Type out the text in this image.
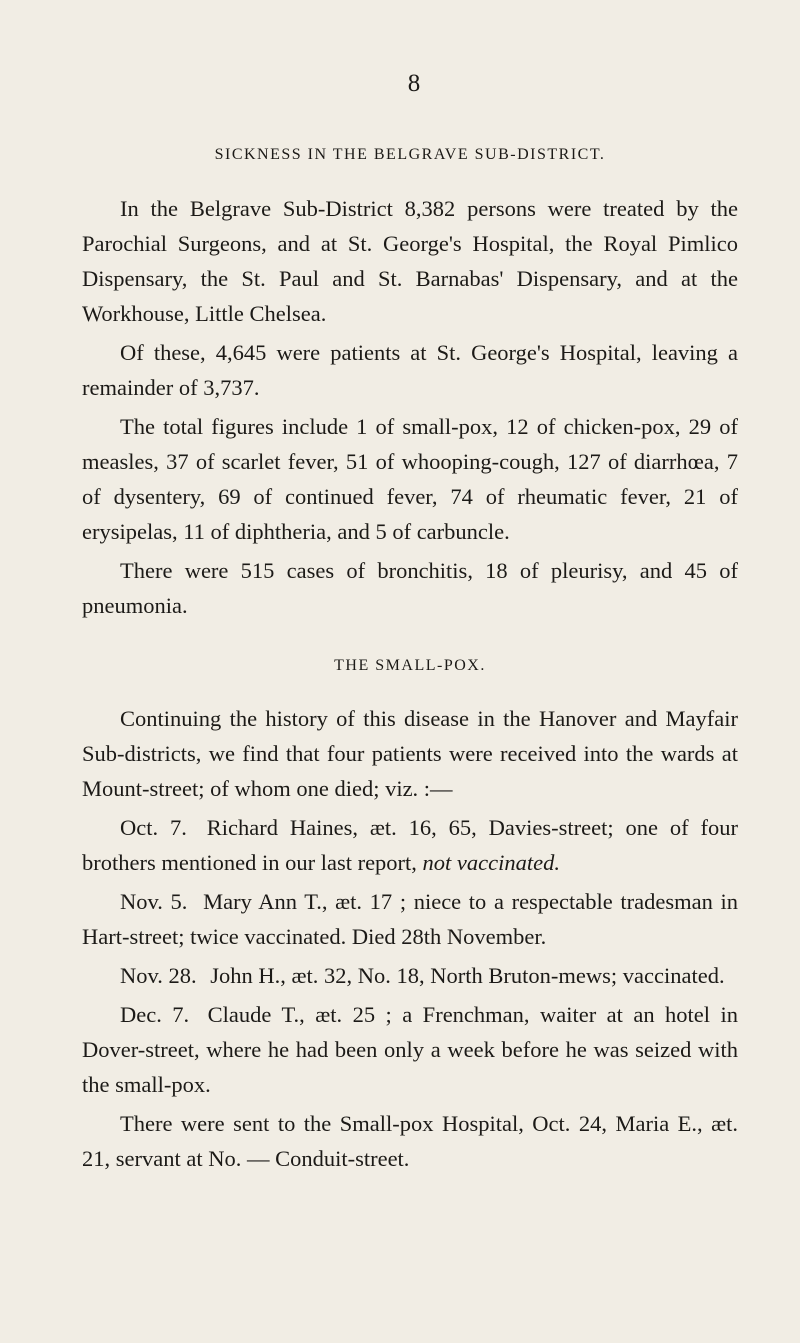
8
SICKNESS IN THE BELGRAVE SUB-DISTRICT.

In the Belgrave Sub-District 8,382 persons were treated by the Parochial Surgeons, and at St. George's Hospital, the Royal Pimlico Dispensary, the St. Paul and St. Barnabas' Dispensary, and at the Workhouse, Little Chelsea.

Of these, 4,645 were patients at St. George's Hospital, leaving a remainder of 3,737.

The total figures include 1 of small-pox, 12 of chicken-pox, 29 of measles, 37 of scarlet fever, 51 of whooping-cough, 127 of diarrhœa, 7 of dysentery, 69 of continued fever, 74 of rheumatic fever, 21 of erysipelas, 11 of diphtheria, and 5 of carbuncle.

There were 515 cases of bronchitis, 18 of pleurisy, and 45 of pneumonia.

THE SMALL-POX.

Continuing the history of this disease in the Hanover and Mayfair Sub-districts, we find that four patients were received into the wards at Mount-street; of whom one died; viz. :—

Oct. 7. Richard Haines, æt. 16, 65, Davies-street; one of four brothers mentioned in our last report, not vaccinated.

Nov. 5. Mary Ann T., æt. 17 ; niece to a respectable tradesman in Hart-street; twice vaccinated. Died 28th November.

Nov. 28. John H., æt. 32, No. 18, North Bruton-mews; vaccinated.

Dec. 7. Claude T., æt. 25 ; a Frenchman, waiter at an hotel in Dover-street, where he had been only a week before he was seized with the small-pox.

There were sent to the Small-pox Hospital, Oct. 24, Maria E., æt. 21, servant at No. — Conduit-street.
